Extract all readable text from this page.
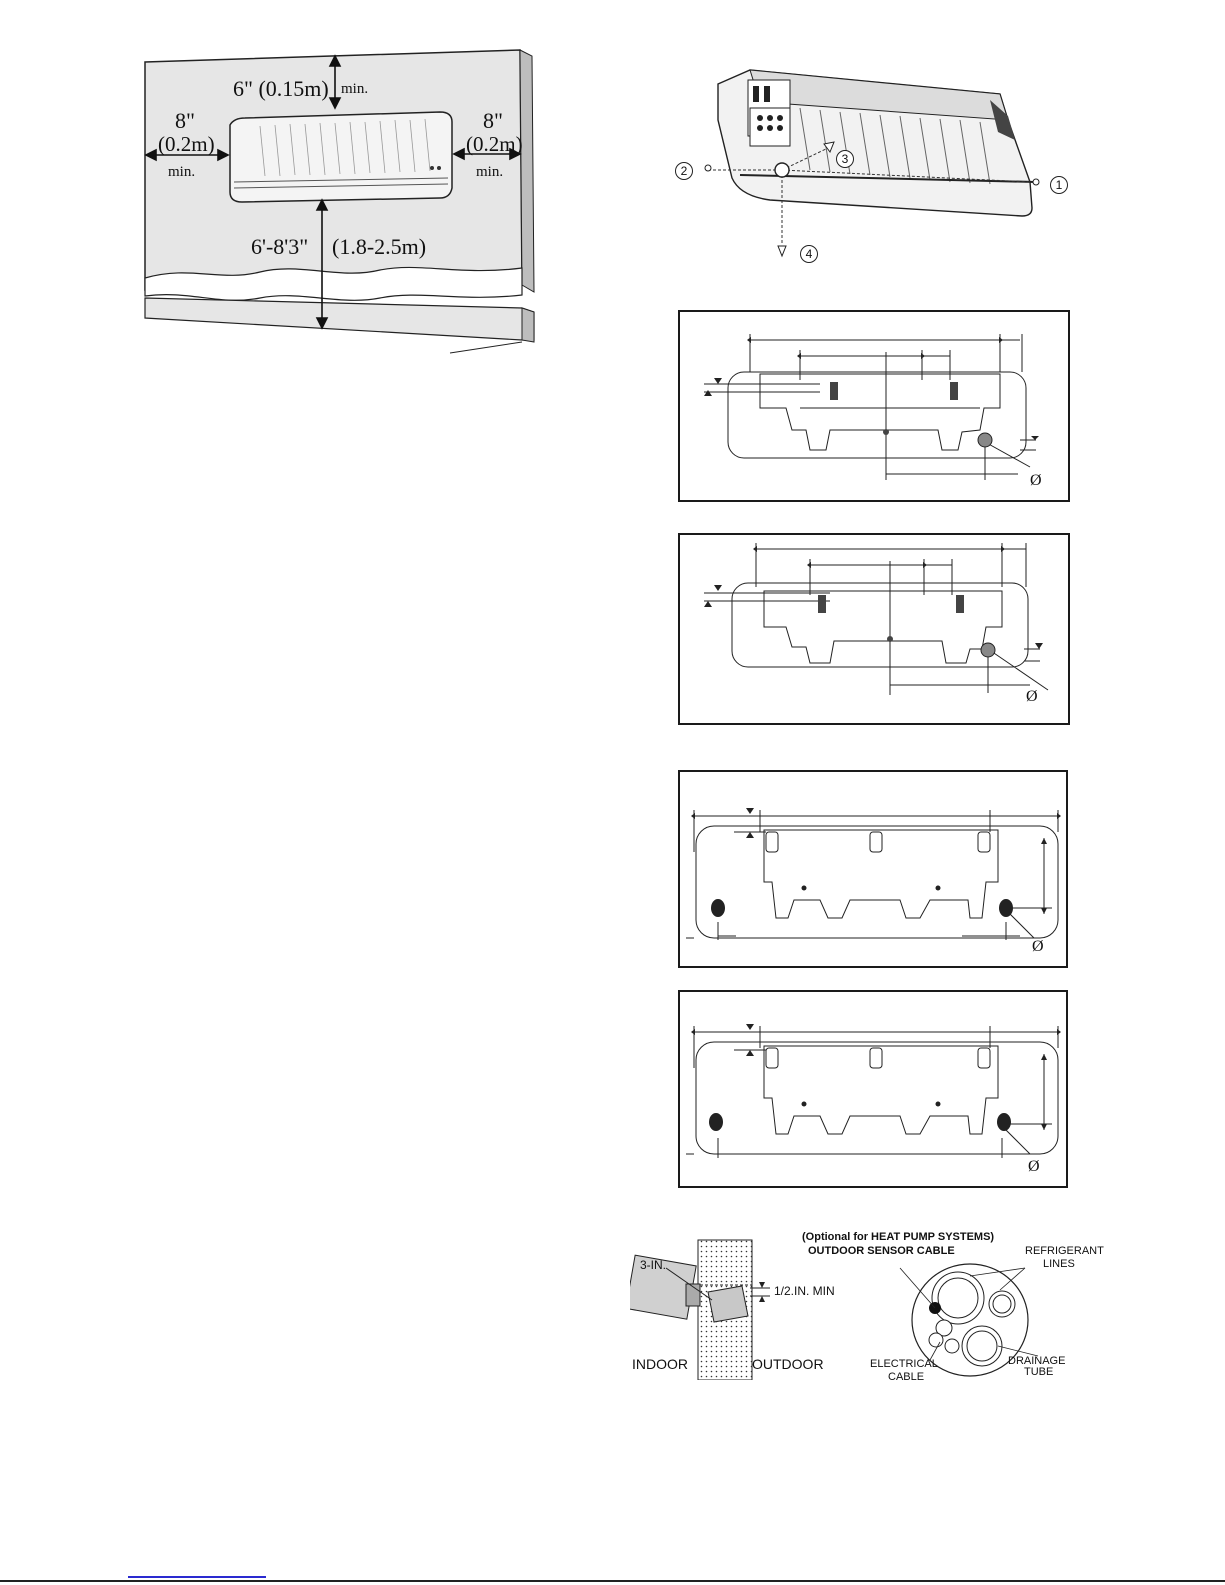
6" (0.15m) min.
8"
(0.2m)
min.
8"
(0.2m)
min.
6'-8'3" (1.8-2.5m)
2
3
1
4
Ø
Ø
Ø
Ø
3-IN.
1/2.IN. MIN
INDOOR	OUTDOOR
(Optional for HEAT PUMP SYSTEMS)
OUTDOOR SENSOR CABLE	REFRIGERANT
LINES
ELECTRICAL
CABLE
DRAINAGE
TUBE
